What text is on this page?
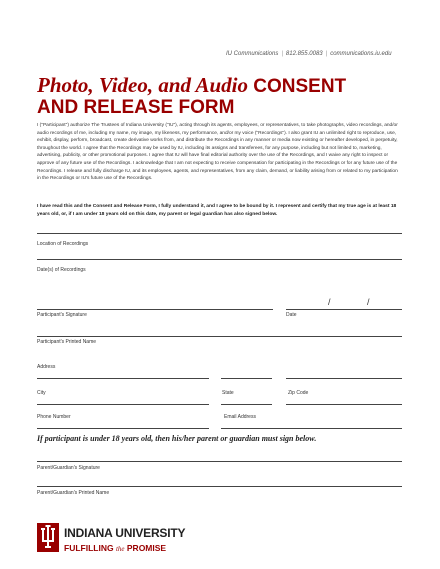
IU Communications | 812.855.0083 | communications.iu.edu
Photo, Video, and Audio CONSENT
AND RELEASE FORM
I ("Participant") authorize The Trustees of Indiana University ("IU"), acting through its agents, employees, or representatives, to take photographs, video recordings, and/or audio recordings of me, including my name, my image, my likeness, my performance, and/or my voice ("Recordings"). I also grant IU an unlimited right to reproduce, use, exhibit, display, perform, broadcast, create derivative works from, and distribute the Recordings in any manner or media now existing or hereafter developed, in perpetuity, throughout the world. I agree that the Recordings may be used by IU, including its assigns and transferees, for any purpose, including but not limited to, marketing, advertising, publicity, or other promotional purposes. I agree that IU will have final editorial authority over the use of the Recordings, and I waive any right to inspect or approve of any future use of the Recordings. I acknowledge that I am not expecting to receive compensation for participating in the Recordings or for any future use of the Recordings. I release and fully discharge IU, and its employees, agents, and representatives, from any claim, demand, or liability arising from or related to my participation in the Recordings or IU's future use of the Recordings.
I have read this and the Consent and Release Form, I fully understand it, and I agree to be bound by it. I represent and certify that my true age is at least 18 years old, or, if I am under 18 years old on this date, my parent or legal guardian has also signed below.
Location of Recordings
Date(s) of Recordings
/	/
Participant's Signature	Date
Participant's Printed Name
Address
City	State	Zip Code
Phone Number	Email Address
If participant is under 18 years old, then his/her parent or guardian must sign below.
Parent/Guardian's Signature
Parent/Guardian's Printed Name
INDIANA UNIVERSITY
FULFILLING the PROMISE
